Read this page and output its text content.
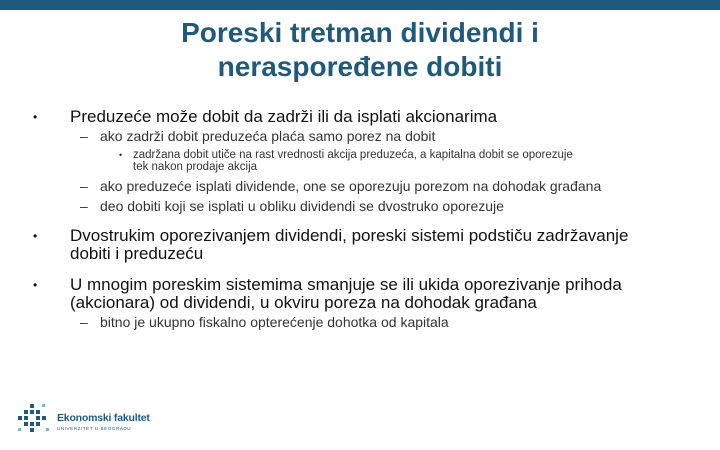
Poreski tretman dividendi i
neraspoređene dobiti
• Preduzeće može dobit da zadrži ili da isplati akcionarima
– ako zadrži dobit preduzeća plaća samo porez na dobit
• zadržana dobit utiče na rast vrednosti akcija preduzeća, a kapitalna dobit se oporezuje
tek nakon prodaje akcija
– ako preduzeće isplati dividende, one se oporezuju porezom na dohodak građana
– deo dobiti koji se isplati u obliku dividendi se dvostruko oporezuje
• Dvostrukim oporezivanjem dividendi, poreski sistemi podstiču zadržavanje
dobiti i preduzeću
• U mnogim poreskim sistemima smanjuje se ili ukida oporezivanje prihoda
(akcionara) od dividendi, u okviru poreza na dohodak građana
– bitno je ukupno fiskalno opterećenje dohotka od kapitala
Ekonomski fakultet
UNIVERZITET U BEOGRADU
